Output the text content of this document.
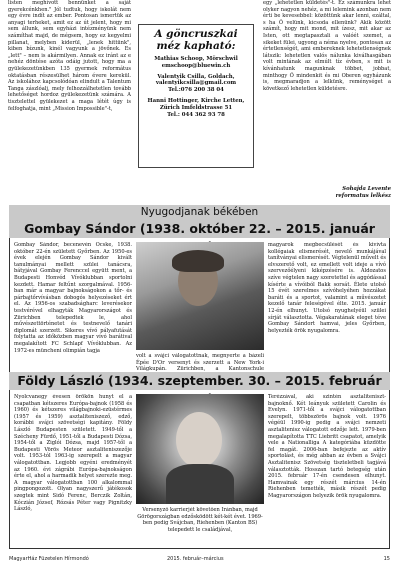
listen meghívott bennünket a saját gyerekcénkhen." Jól tudtuk, hogy iskolát nem egy évre indít az ember. Pontosan ismertük az anyagi terheket, amit ez az út jelent, hogy mi sem állunk, sem egyházi intézményünk nem számíthat majd, de mégsem, hogy ez kegyelmi pillanat, melyben kiderül, „lenek hittünk", kiben bízunk, kinél vagyunk a jövőnek. Es „lett" – nem is akármilyen. Annak ez iránt az e nehéz döntése azóta odáig jutott, hogy ma a gyülekezetünkben 135 gyermek református oktatásban részesülhet három évere kerekül. Az iskolához kapcsolódóan elindult a Talentum Tanga zászlóalj, mely felhozzálhetetlen tovább lehetőséget hordoz gyülekezetünk számára. A tisztelettel gyülekezet a maga létét úgy is felfoghatja, mint „Mission Impossible"-t,

A göncruszkai méz kapható:
Mathias Schoop, Mörschwil
emschoop@bluewin.ch
Valentyik Csilla, Goldach,
valentyikcsilla@gmail.com
Tel.:076 200 38 04
Hanni Hottinger, Kirche Letten,
Zürich Imfeldstrasse 51
Tel.: 044 362 93 78

egy „lehetetlen küldetés"-t. Ez számunkra lehet olyker nagyon nehéz, a mi lelemink azonban nem érti be kevesebbel: közöttünk akar lenni, ezáltal, s ha Ő velünk, kicsoda ellenünk? Akik között számít, hogy mit mond, mit ízesz, mit akar az Isten, ott megtapasztali a valóét szemet, a sikeket fülei, ugyong a néma nyelve, pontosan az értetlenségét, ami embereknek lehetetlenségnek látszik: lehetetlen valós nálunka kiválhasgában volt mintának az elmúlt tíz évben, s mit is kívánhatunk magunknak többet, jobbat, minthogy Ő mindenkit és mi Oberen egyházunk is, megmaradjon a lelkünk, reménységet a következő lehetetlen küldetésre.

Sohajda Levente
reformatus lelkész
Nyugodjanak békében
Gombay Sándor (1938. október 22. – 2015. január

Gombay Sándor, becenevén Ócske, 1938. október 22-én született Győrben. Az 1950-es évek elején Gombay Sándor kivált tanulmányai mellett szülei tanácsra, bátyjával Gombay Ferenccel együtt ment, a Budapesti Honvéd Vívóklubban sportolni kezdett. Hamar feltűnt szorgalmával. 1956-ban már a magyar bajnokságokon a tőr- és párbajtőrvívásban dobogós helyezéseket ért el. Az 1956-os szabadságharc leverésekor testvérével elhagyták Magyarországot és Zürichben telepedtek le, ahol művészettörténetet és testnevelő tanári diplomát szerzett. Sikeres vívó pályafutását folytatta az időközben magyar vívó barátival megalakított FC Schlapf Vívóklubban. Az 1972-es müncheni olimpián tagja

volt a svájci válogatottnak, megnyerte a bázeli Épée D'Or versenyt és szerzett a New York-i Világkupán. Zürichben, a Kantonschule

magyarok megbecsülését és kivívta kollégaiak elismerését, nevelő munkájával tanítványai elismerését. Végtelenül művelt és elvszerető volt, ez emellett volt ideje a vívó szervezőélyeni kiképzésére is. Áldozatos szíve végtelen nagy szeretettel és aggódással kísérte a vívóiból Bakk sorsát. Élete utolsó 15 évét szerelmes szívóhelyéhen hozzákat baráti és a sportot, valamint a művészetet kezelő tanár feleségével élte. 2015. január 12-én elhunyt. Utolsó nyughelyéül szülei sírját választotta. Végakaratának eleget téve Gombay Sándort hamvai, jeles Győrben, helyezték örök nyugalomra.

Földy László (1934. szeptember. 30. – 2015. február

Nyolcvanegy évesen örökön hunyt el a csapatban kétszeres Európa-bajnok (1958 és 1960) és kétszeres világbajnoki-ezüstérmes (1957 és 1959) asztaliteniszező, edző, korábbi svájci szövetségi kapitány. Földy László Budapesten született. 1949-től a Szécheny Fürdő, 1951-től a Budapesti Dózsa, 1954-től a Ziglói Dózsa, majd 1957-től a Budapesti Vörös Meteor asztaliteniszezője volt. 1953-tól 1963-ig szerepelt a magyar válogatottban. Legjobb egyéni eredményét az 1960. évi zágrábi Európa-bajnokságon érte el, ahol a harmadik helyet szerezte meg. A magyar válogatottban 100 alkalommal pingpongozott. Olyan nagyszerű játékosok szegtek mint Sidó Ferenc, Berczik Zoltán, Kóczián József, Rózsás Péter vagy Pignitzky László,	Versenyző karrierjét követően Iránban, majd Görögországban edzősködött két-két évet. 1969-ben pedig Svájcban, Riehenben (Kanton BS) telepedett le családjával,

Terézzával, aki szintén asztaliteniszt-bajnoknő. Két leányuk született Carolin és Evelyn. 1971-től a svájci válogatottban szerepelt, többszörös bajnok volt. 1976 végéül 1990-ig pedig a svájci nemzeti asztalitenisz válogatott edzője lett. 1979-ben megalapította TTC Liebritt csapatot, amelyik vele a Nationalliga A kategóriába küzdötte fel magát. 2006-ban befejezte az aktív sportolást, és még abban az évben a Svájci Asztalitenisz Szövetség tiszteletbeli tagjává választották. Hosszan tartó betegség után 2015. február 17-én csendesen elhunyt. Hamvainak egy részét március 14-én Riehenben temették, másik részét pedig Magyarországon helyezik örök nyugalomra.

MagyarHáz Füzetelen Hírmondó	2015. február–március	15
